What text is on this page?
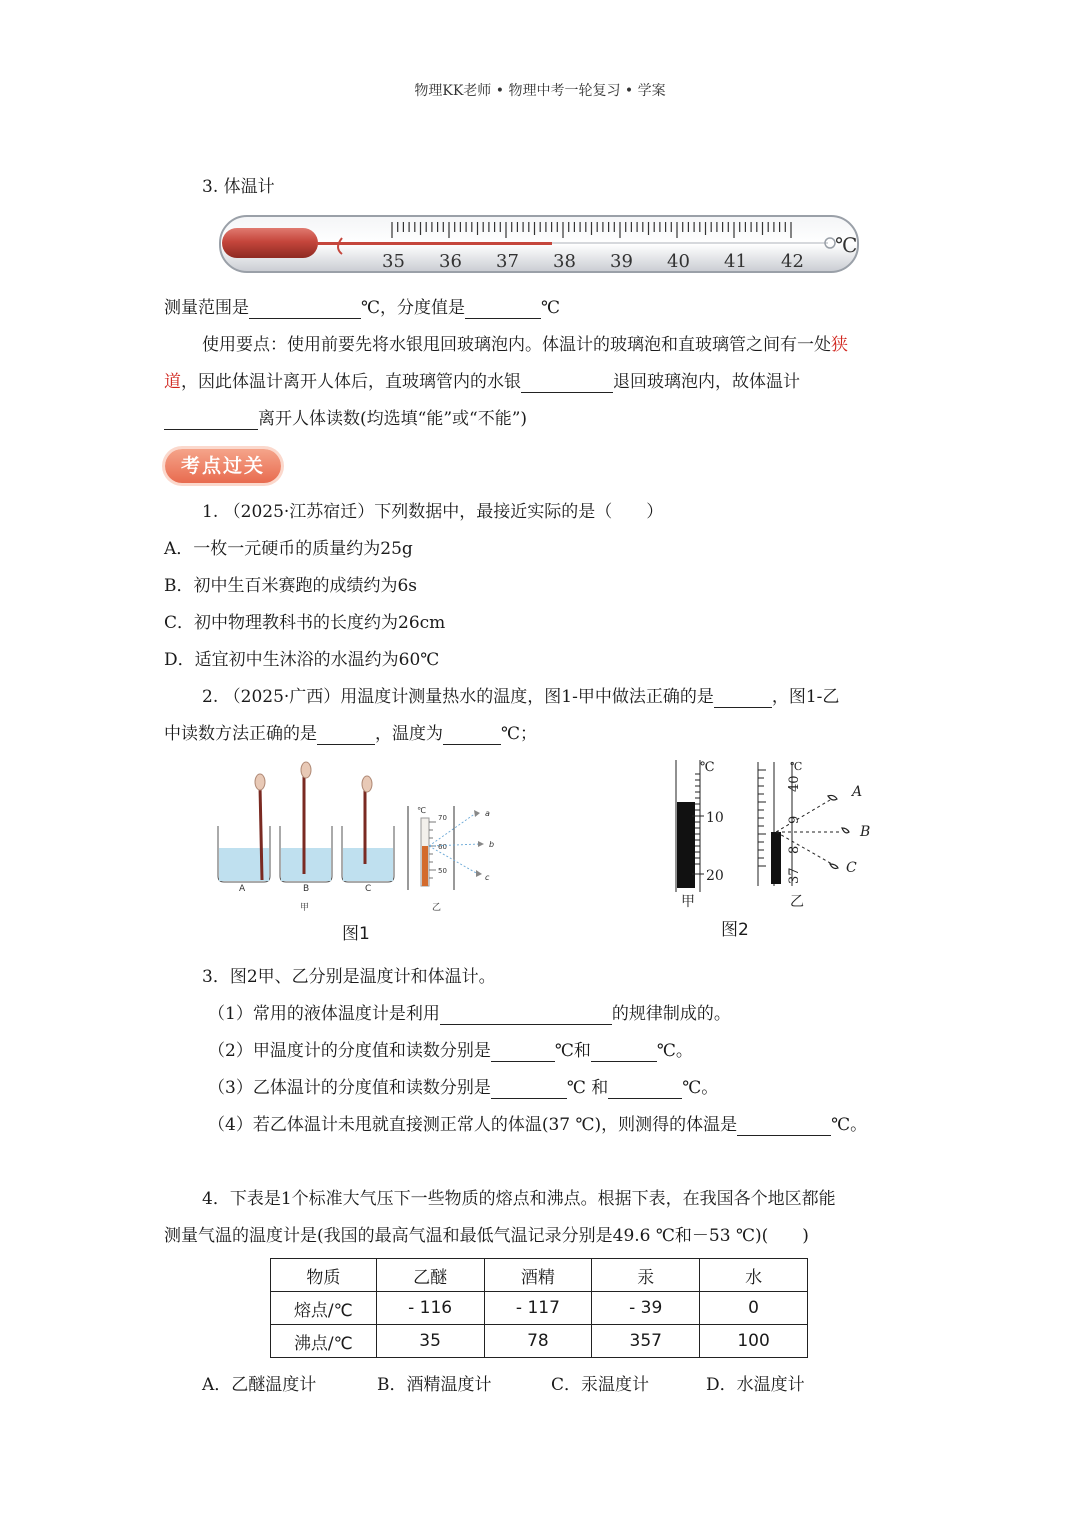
物理KK老师 • 物理中考一轮复习 • 学案
3. 体温计
35 36 37 38 39 40 41 42
℃
测量范围是	℃，分度值是	℃
使用要点：使用前要先将水银甩回玻璃泡内。体温计的玻璃泡和直玻璃管之间有一处狭
道，因此体温计离开人体后，直玻璃管内的水银	退回玻璃泡内，故体温计
离开人体读数(均选填“能”或“不能”)
考点过关
1. （2025·江苏宿迁）下列数据中，最接近实际的是（　　）
A．一枚一元硬币的质量约为25g
B．初中生百米赛跑的成绩约为6s
C．初中物理教科书的长度约为26cm
D．适宜初中生沐浴的水温约为60℃
2. （2025·广西）用温度计测量热水的温度，图1-甲中做法正确的是	，图1-乙
中读数方法正确的是	，温度为	℃；
A	B	C
甲
℃
70
60
50
乙
a
b
c
图1
℃
10
20
甲
40
9
8
37
℃
乙
A
B
C
图2
3．图2甲、乙分别是温度计和体温计。
（1）常用的液体温度计是利用	的规律制成的。
（2）甲温度计的分度值和读数分别是	℃和	℃。
（3）乙体温计的分度值和读数分别是	℃ 和	℃。
（4）若乙体温计未甩就直接测正常人的体温(37 ℃)，则测得的体温是	℃。
4．下表是1个标准大气压下一些物质的熔点和沸点。根据下表，在我国各个地区都能
测量气温的温度计是(我国的最高气温和最低气温记录分别是49.6 ℃和－53 ℃)(　　)
物质	乙醚	酒精	汞	水
熔点/℃	- 116	- 117	- 39	0
沸点/℃	35	78	357	100
A．乙醚温度计	B．酒精温度计	C．汞温度计	D．水温度计
